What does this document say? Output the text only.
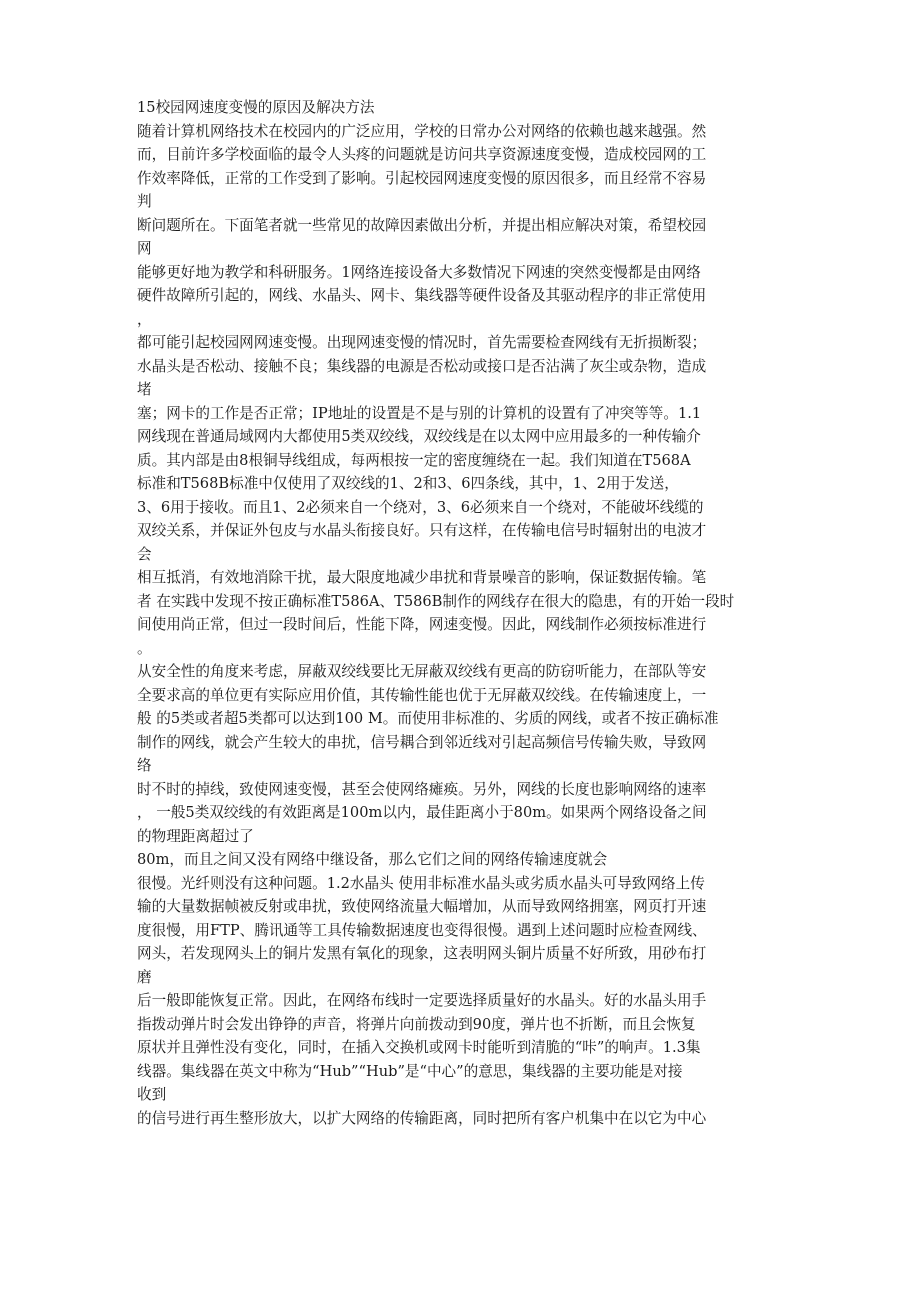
15校园网速度变慢的原因及解决方法
随着计算机网络技术在校园内的广泛应用，学校的日常办公对网络的依赖也越来越强。然
而，目前许多学校面临的最令人头疼的问题就是访问共享资源速度变慢，造成校园网的工
作效率降低，正常的工作受到了影响。引起校园网速度变慢的原因很多，而且经常不容易
判
断问题所在。下面笔者就一些常见的故障因素做出分析，并提出相应解决对策，希望校园
网
能够更好地为教学和科研服务。1网络连接设备大多数情况下网速的突然变慢都是由网络
硬件故障所引起的，网线、水晶头、网卡、集线器等硬件设备及其驱动程序的非正常使用
，
都可能引起校园网网速变慢。出现网速变慢的情况时，首先需要检查网线有无折损断裂；
水晶头是否松动、接触不良；集线器的电源是否松动或接口是否沾满了灰尘或杂物，造成
堵
塞；网卡的工作是否正常；IP地址的设置是不是与别的计算机的设置有了冲突等等。1.1
网线现在普通局域网内大都使用5类双绞线，双绞线是在以太网中应用最多的一种传输介
质。其内部是由8根铜导线组成，每两根按一定的密度缠绕在一起。我们知道在T568A
标准和T568B标准中仅使用了双绞线的1、2和3、6四条线，其中，1、2用于发送，
3、6用于接收。而且1、2必须来自一个绕对，3、6必须来自一个绕对，不能破坏线缆的
双绞关系，并保证外包皮与水晶头衔接良好。只有这样，在传输电信号时辐射出的电波才
会
相互抵消，有效地消除干扰，最大限度地减少串扰和背景噪音的影响，保证数据传输。笔
者 在实践中发现不按正确标准T586A、T586B制作的网线存在很大的隐患，有的开始一段时
间使用尚正常，但过一段时间后，性能下降，网速变慢。因此，网线制作必须按标准进行
。
从安全性的角度来考虑，屏蔽双绞线要比无屏蔽双绞线有更高的防窃听能力，在部队等安
全要求高的单位更有实际应用价值，其传输性能也优于无屏蔽双绞线。在传输速度上，一
般 的5类或者超5类都可以达到100 M。而使用非标准的、劣质的网线，或者不按正确标准
制作的网线，就会产生较大的串扰，信号耦合到邻近线对引起高频信号传输失败，导致网
络
时不时的掉线，致使网速变慢，甚至会使网络瘫痪。另外，网线的长度也影响网络的速率
， 一般5类双绞线的有效距离是100m以内，最佳距离小于80m。如果两个网络设备之间
的物理距离超过了
80m，而且之间又没有网络中继设备，那么它们之间的网络传输速度就会
很慢。光纤则没有这种问题。1.2水晶头 使用非标准水晶头或劣质水晶头可导致网络上传
输的大量数据帧被反射或串扰，致使网络流量大幅增加，从而导致网络拥塞，网页打开速
度很慢，用FTP、腾讯通等工具传输数据速度也变得很慢。遇到上述问题时应检查网线、
网头，若发现网头上的铜片发黑有氧化的现象，这表明网头铜片质量不好所致，用砂布打
磨
后一般即能恢复正常。因此，在网络布线时一定要选择质量好的水晶头。好的水晶头用手
指拨动弹片时会发出铮铮的声音，将弹片向前拨动到90度，弹片也不折断，而且会恢复
原状并且弹性没有变化，同时，在插入交换机或网卡时能听到清脆的“咔”的响声。1.3集
线器。集线器在英文中称为“Hub”“Hub”是“中心”的意思，集线器的主要功能是对接
收到
的信号进行再生整形放大，以扩大网络的传输距离，同时把所有客户机集中在以它为中心
